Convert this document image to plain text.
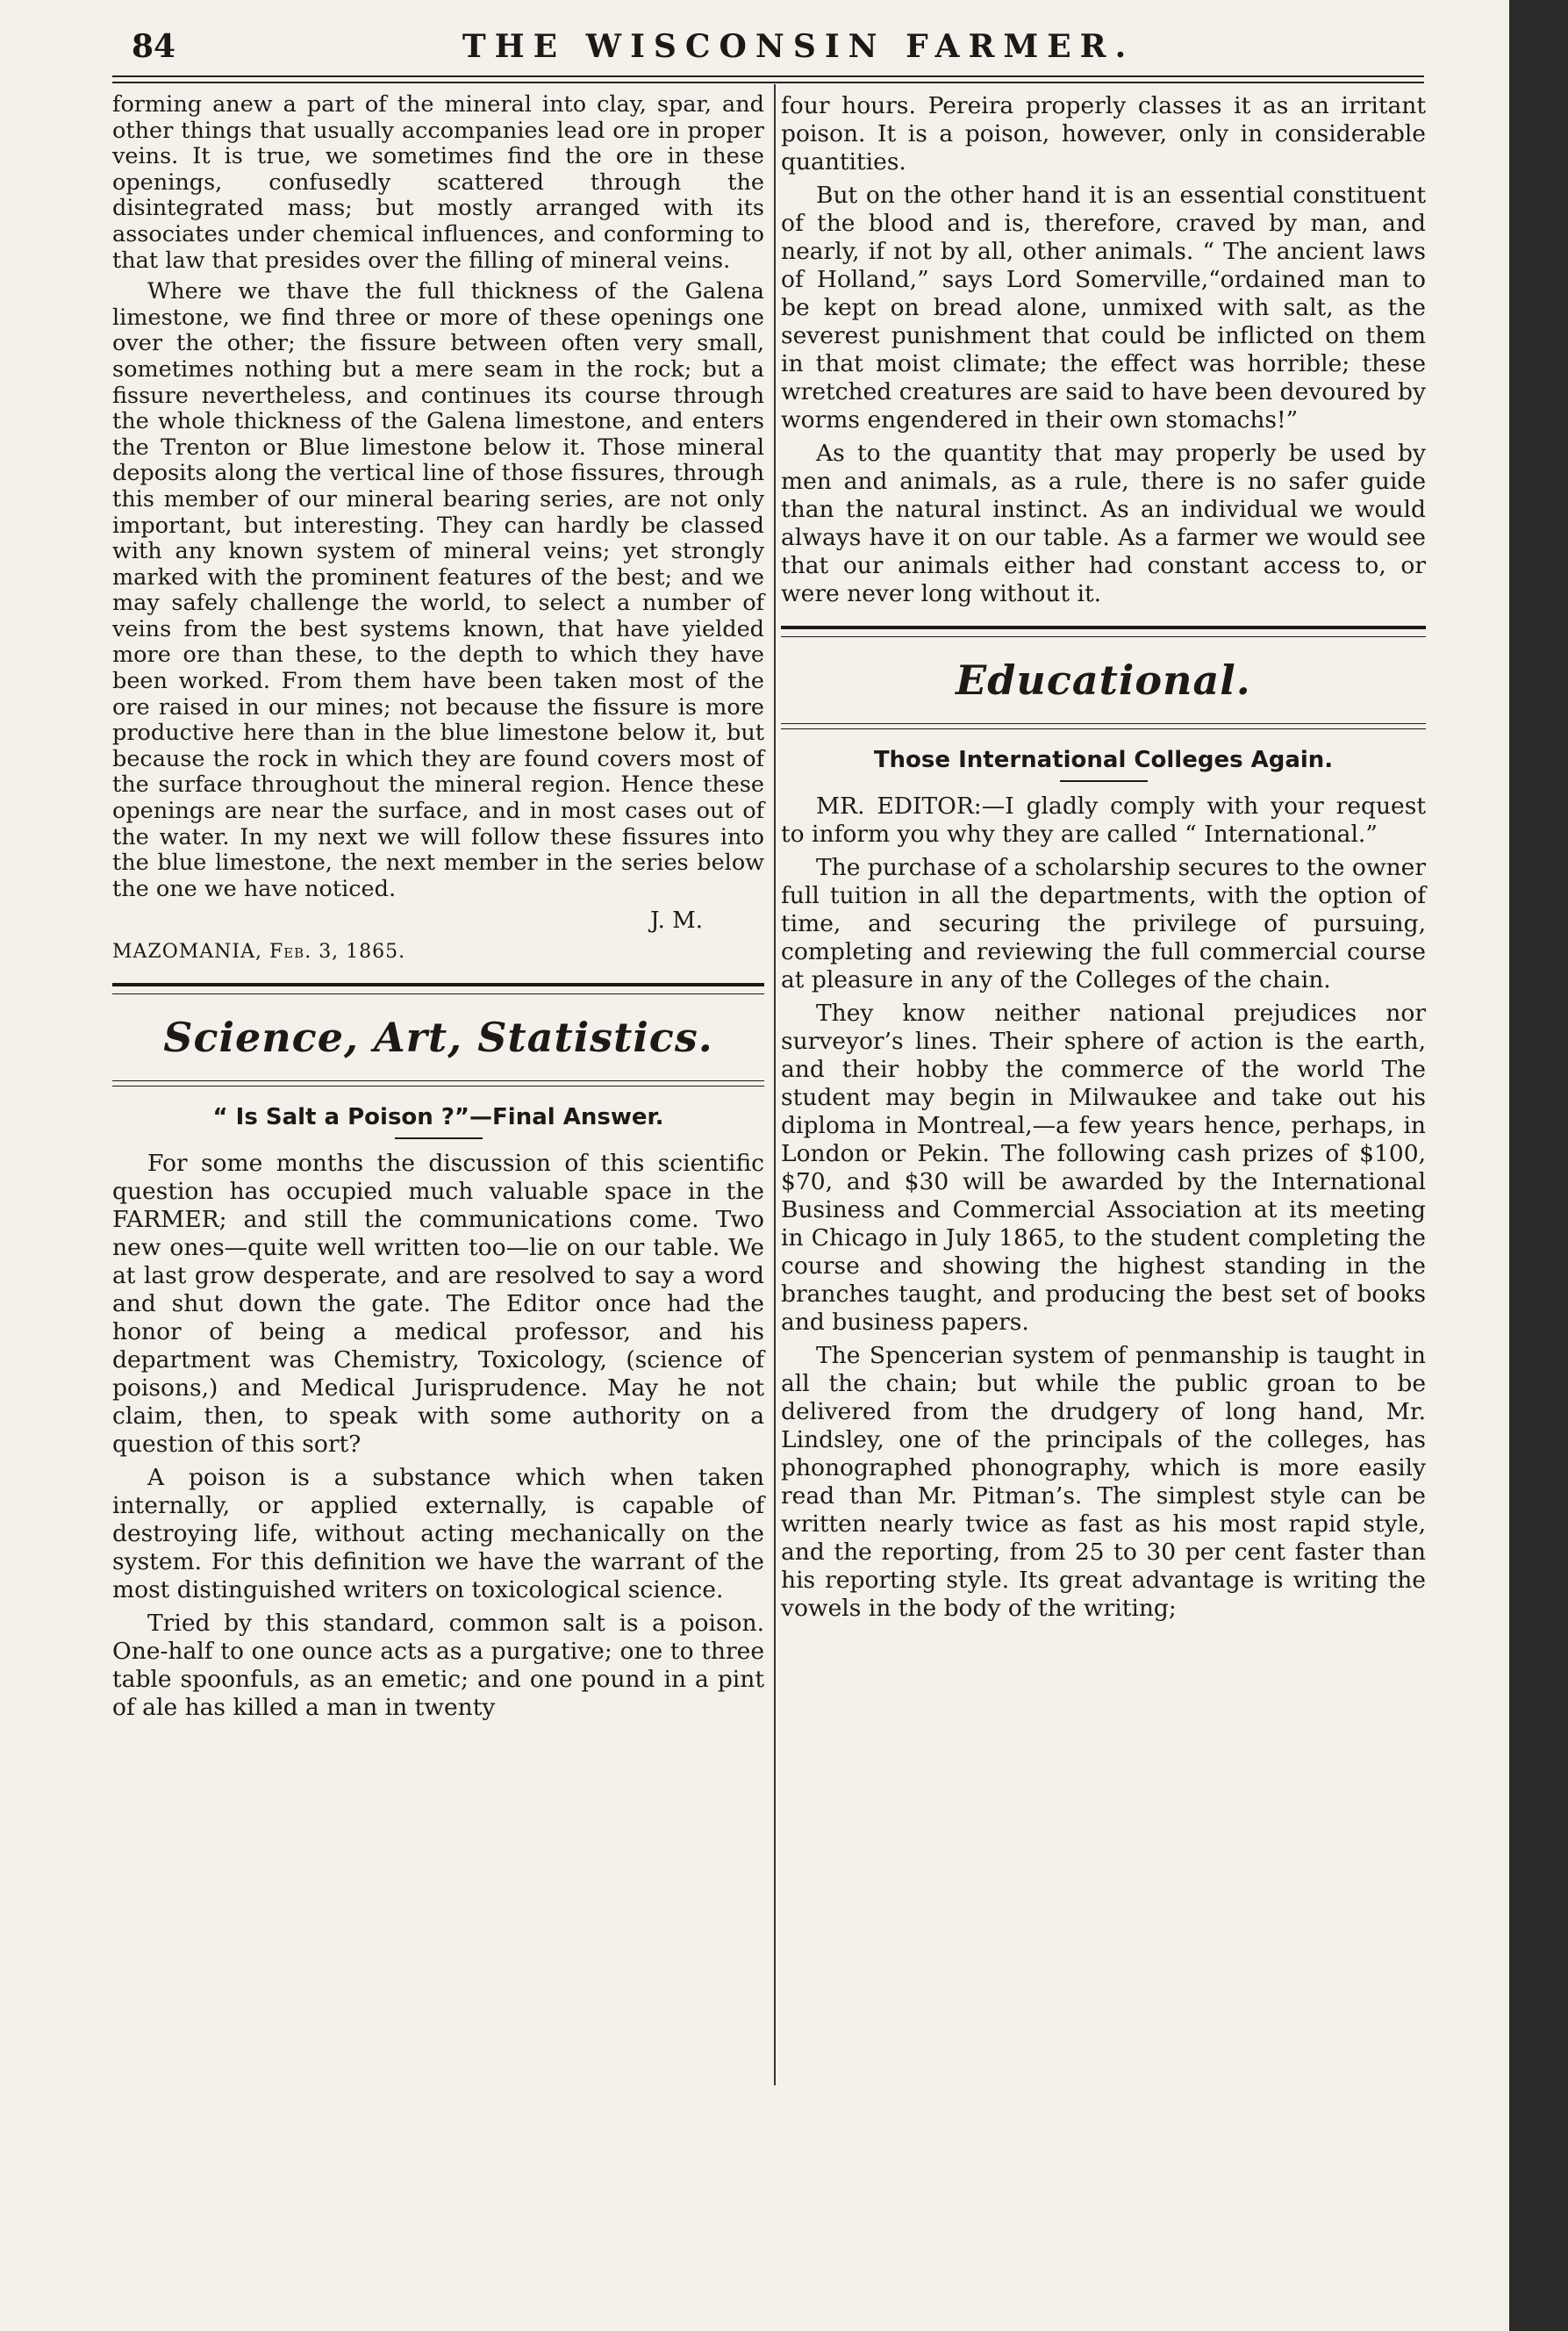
84	THE WISCONSIN FARMER.

forming anew a part of the mineral into clay, spar, and other things that usually accompanies lead ore in proper veins. It is true, we sometimes find the ore in these openings, confusedly scattered through the disintegrated mass; but mostly arranged with its associates under chemical influences, and conforming to that law that presides over the filling of mineral veins.

Where we thave the full thickness of the Galena limestone, we find three or more of these openings one over the other; the fissure between often very small, sometimes nothing but a mere seam in the rock; but a fissure nevertheless, and continues its course through the whole thickness of the Galena limestone, and enters the Trenton or Blue limestone below it. Those mineral deposits along the vertical line of those fissures, through this member of our mineral bearing series, are not only important, but interesting. They can hardly be classed with any known system of mineral veins; yet strongly marked with the prominent features of the best; and we may safely challenge the world, to select a number of veins from the best systems known, that have yielded more ore than these, to the depth to which they have been worked. From them have been taken most of the ore raised in our mines; not because the fissure is more productive here than in the blue limestone below it, but because the rock in which they are found covers most of the surface throughout the mineral region. Hence these openings are near the surface, and in most cases out of the water. In my next we will follow these fissures into the blue limestone, the next member in the series below the one we have noticed.

J. M.
MAZOMANIA, Feb. 3, 1865.
Science, Art, Statistics.
“ Is Salt a Poison ?”—Final Answer.

For some months the discussion of this scientific question has occupied much valuable space in the FARMER; and still the communications come. Two new ones—quite well written too—lie on our table. We at last grow desperate, and are resolved to say a word and shut down the gate. The Editor once had the honor of being a medical professor, and his department was Chemistry, Toxicology, (science of poisons,) and Medical Jurisprudence. May he not claim, then, to speak with some authority on a question of this sort?

A poison is a substance which when taken internally, or applied externally, is capable of destroying life, without acting mechanically on the system. For this definition we have the warrant of the most distinguished writers on toxicological science.

Tried by this standard, common salt is a poison. One-half to one ounce acts as a purgative; one to three table spoonfuls, as an emetic; and one pound in a pint of ale has killed a man in twenty

four hours. Pereira properly classes it as an irritant poison. It is a poison, however, only in considerable quantities.

But on the other hand it is an essential constituent of the blood and is, therefore, craved by man, and nearly, if not by all, other animals. “ The ancient laws of Holland,” says Lord Somerville,“ordained man to be kept on bread alone, unmixed with salt, as the severest punishment that could be inflicted on them in that moist climate; the effect was horrible; these wretched creatures are said to have been devoured by worms engendered in their own stomachs!”

As to the quantity that may properly be used by men and animals, as a rule, there is no safer guide than the natural instinct. As an individual we would always have it on our table. As a farmer we would see that our animals either had constant access to, or were never long without it.

Educational.
Those International Colleges Again.

MR. EDITOR:—I gladly comply with your request to inform you why they are called “ International.”

The purchase of a scholarship secures to the owner full tuition in all the departments, with the option of time, and securing the privilege of pursuing, completing and reviewing the full commercial course at pleasure in any of the Colleges of the chain.

They know neither national prejudices nor surveyor’s lines. Their sphere of action is the earth, and their hobby the commerce of the world The student may begin in Milwaukee and take out his diploma in Montreal,—a few years hence, perhaps, in London or Pekin. The following cash prizes of $100, $70, and $30 will be awarded by the International Business and Commercial Association at its meeting in Chicago in July 1865, to the student completing the course and showing the highest standing in the branches taught, and producing the best set of books and business papers.

The Spencerian system of penmanship is taught in all the chain; but while the public groan to be delivered from the drudgery of long hand, Mr. Lindsley, one of the principals of the colleges, has phonographed phonography, which is more easily read than Mr. Pitman’s. The simplest style can be written nearly twice as fast as his most rapid style, and the reporting, from 25 to 30 per cent faster than his reporting style. Its great advantage is writing the vowels in the body of the writing;
